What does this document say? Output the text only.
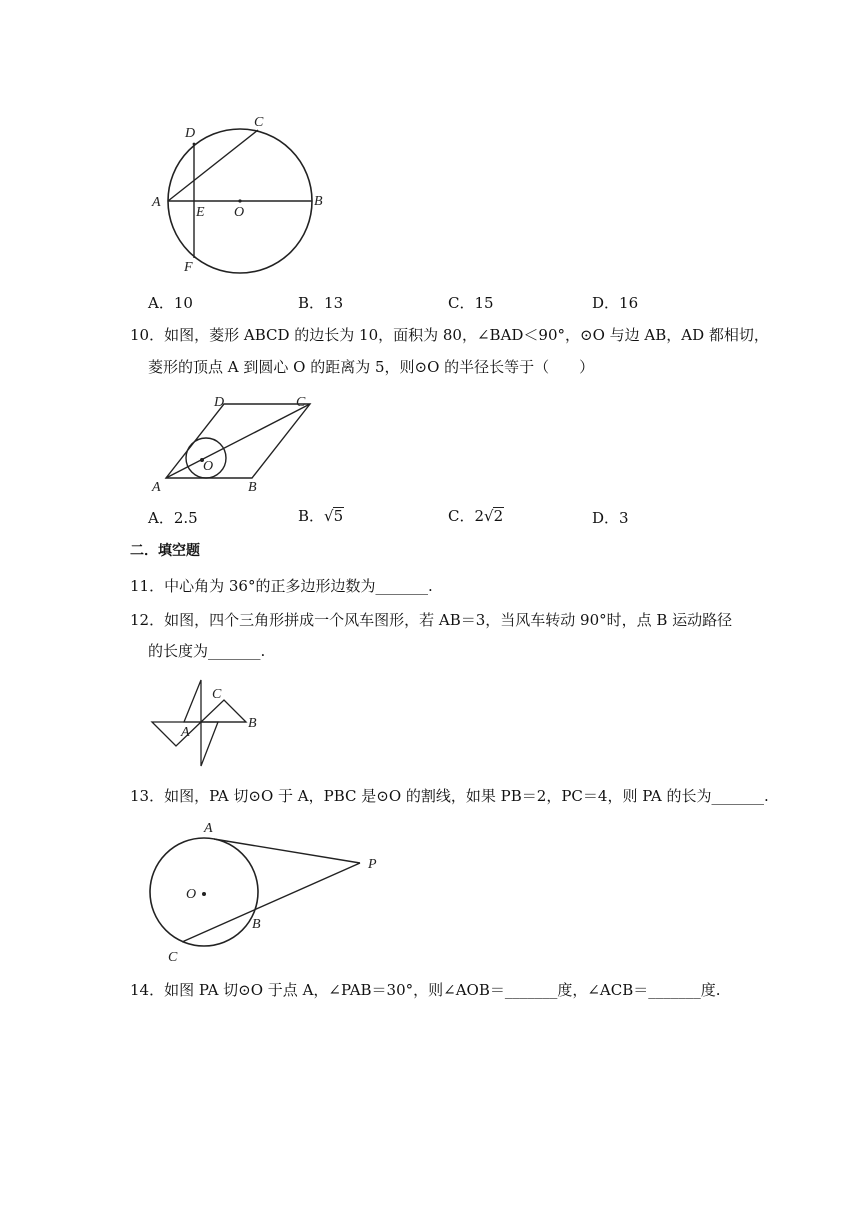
D
C
A
E O
B
F
A．10	B．13	C．15	D．16
10．如图，菱形 ABCD 的边长为 10，面积为 80，∠BAD＜90°，⊙O 与边 AB，AD 都相切，
菱形的顶点 A 到圆心 O 的距离为 5，则⊙O 的半径长等于（　　）
D	C
O
A	B
A．2.5	B．√5	C．2√2	D．3
二．填空题
11．中心角为 36°的正多边形边数为_______.
12．如图，四个三角形拼成一个风车图形，若 AB＝3，当风车转动 90°时，点 B 运动路径
的长度为_______.
C
B
A
13．如图，PA 切⊙O 于 A，PBC 是⊙O 的割线，如果 PB＝2，PC＝4，则 PA 的长为_______.
A
P
O
B
C
14．如图 PA 切⊙O 于点 A，∠PAB＝30°，则∠AOB＝_______度，∠ACB＝_______度.
